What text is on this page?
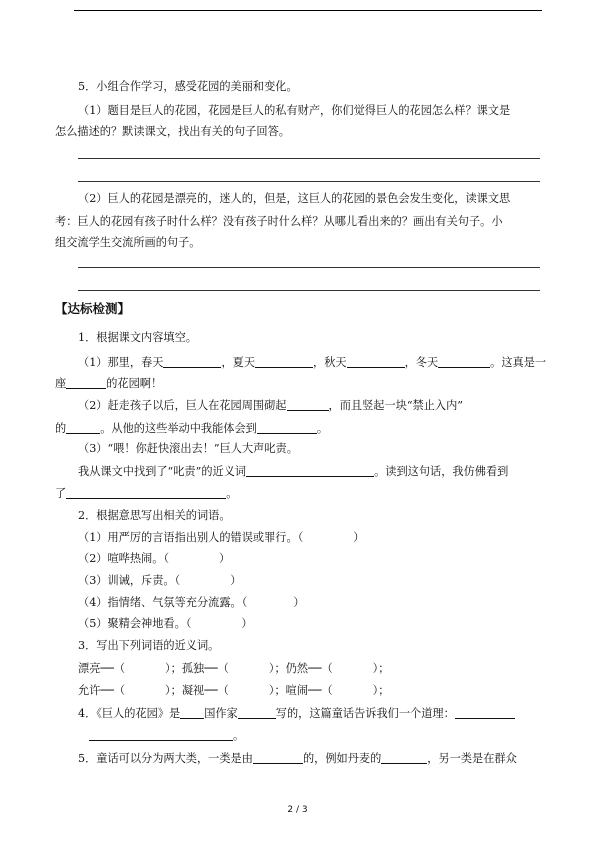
5．小组合作学习，感受花园的美丽和变化。
（1）题目是巨人的花园，花园是巨人的私有财产，你们觉得巨人的花园怎么样？课文是
怎么描述的？默读课文，找出有关的句子回答。
（2）巨人的花园是漂亮的，迷人的，但是，这巨人的花园的景色会发生变化，读课文思
考：巨人的花园有孩子时什么样？没有孩子时什么样？从哪儿看出来的？画出有关句子。小
组交流学生交流所画的句子。
【达标检测】
1．根据课文内容填空。
（1）那里，春天	，夏天	，秋天	，冬天	。这真是一
座	的花园啊！
（2）赶走孩子以后，巨人在花园周围砌起	，而且竖起一块“禁止入内”
的	。从他的这些举动中我能体会到	。
（3）“喂！你赶快滚出去！”巨人大声叱责。
我从课文中找到了“叱责”的近义词	。读到这句话，我仿佛看到
了	。
2．根据意思写出相关的词语。
（1）用严厉的言语指出别人的错误或罪行。（	）
（2）喧哗热闹。（	）
（3）训诫，斥责。（	）
（4）指情绪、气氛等充分流露。（	）
（5）聚精会神地看。（	）
3．写出下列词语的近义词。
漂亮──（	）；孤独──（	）；仍然──（	）；
允许──（	）；凝视──（	）；喧闹──（	）；
4．《巨人的花园》是 国作家	写的，这篇童话告诉我们一个道理：
。
5．童话可以分为两大类，一类是由	的，例如丹麦的	，另一类是在群众
2 / 3
